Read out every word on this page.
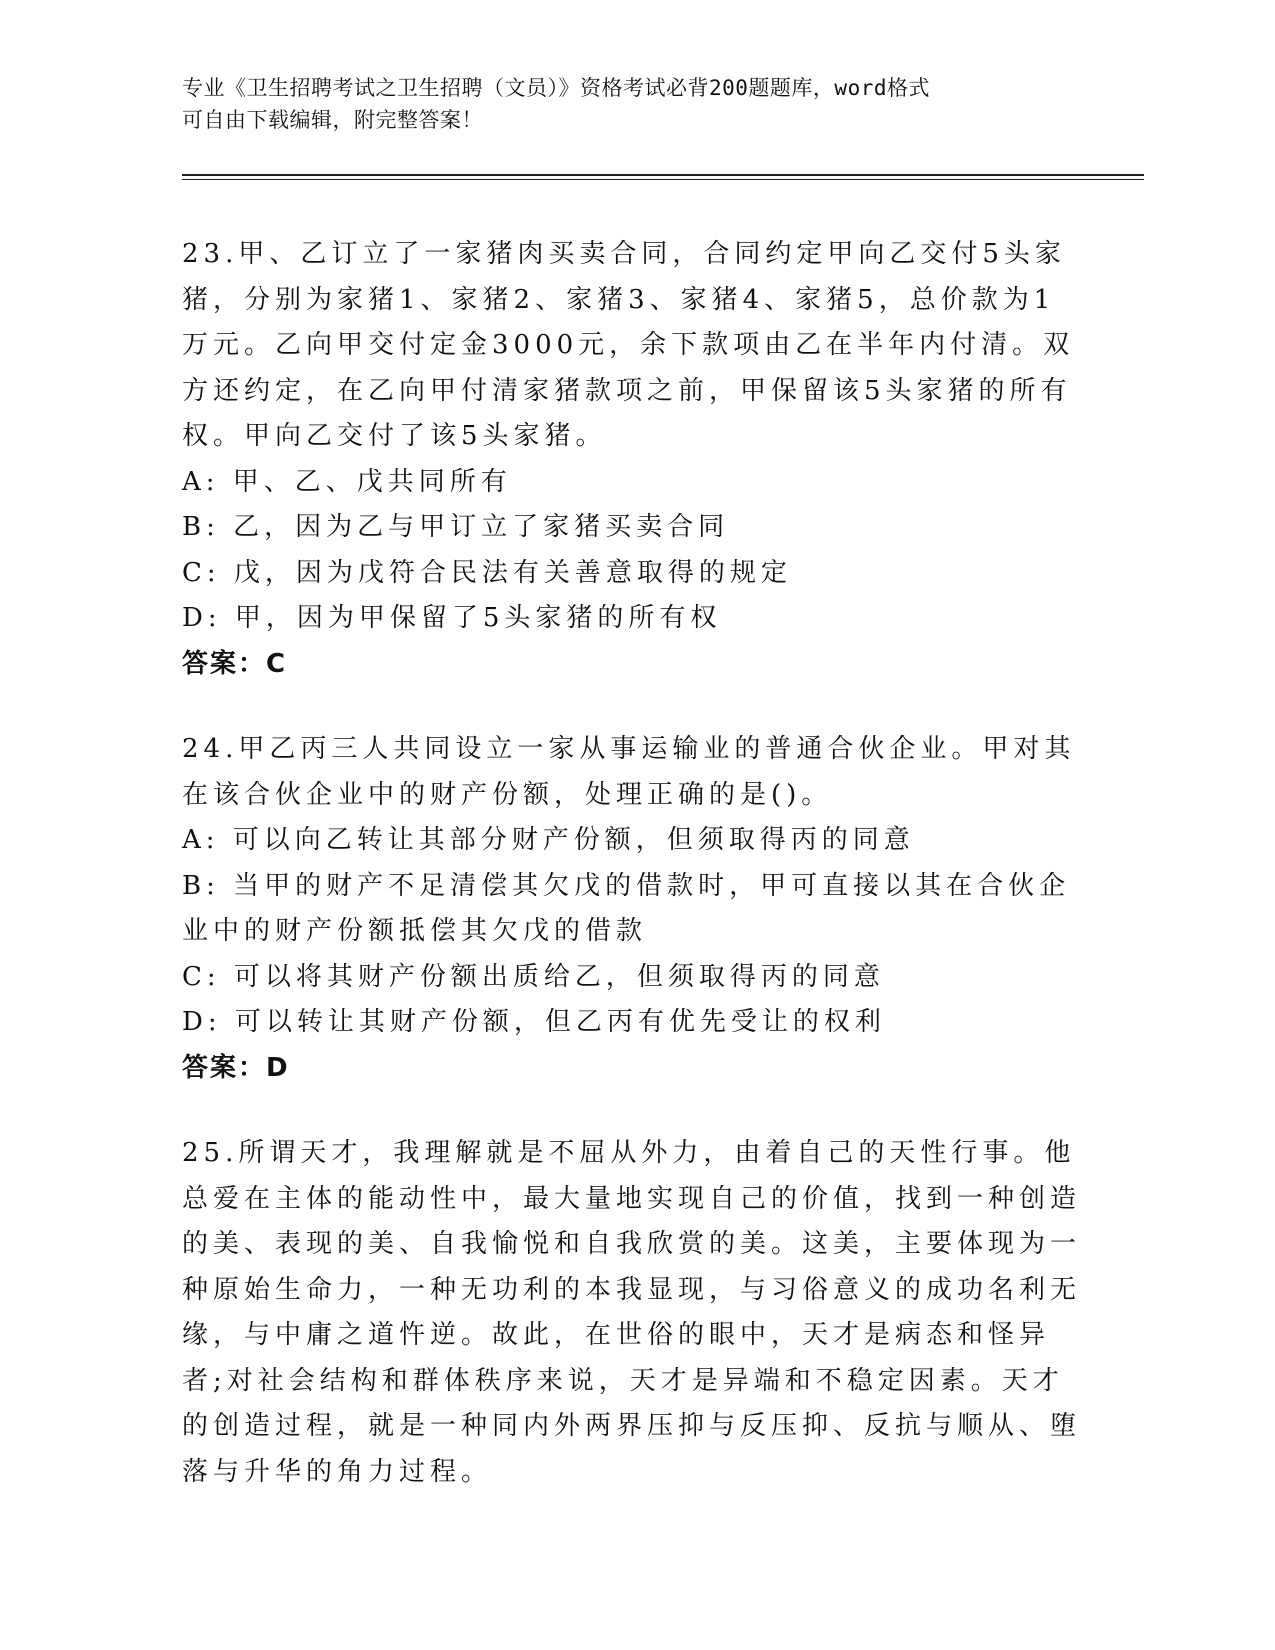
专业《卫生招聘考试之卫生招聘（文员）》资格考试必背200题题库，word格式
可自由下载编辑，附完整答案！
23.甲、乙订立了一家猪肉买卖合同，合同约定甲向乙交付5头家猪，分别为家猪1、家猪2、家猪3、家猪4、家猪5，总价款为1万元。乙向甲交付定金3000元，余下款项由乙在半年内付清。双方还约定，在乙向甲付清家猪款项之前，甲保留该5头家猪的所有权。甲向乙交付了该5头家猪。
A: 甲、乙、戊共同所有
B: 乙，因为乙与甲订立了家猪买卖合同
C: 戊，因为戊符合民法有关善意取得的规定
D: 甲，因为甲保留了5头家猪的所有权
答案：C
24.甲乙丙三人共同设立一家从事运输业的普通合伙企业。甲对其在该合伙企业中的财产份额，处理正确的是()。
A: 可以向乙转让其部分财产份额，但须取得丙的同意
B: 当甲的财产不足清偿其欠戊的借款时，甲可直接以其在合伙企业中的财产份额抵偿其欠戊的借款
C: 可以将其财产份额出质给乙，但须取得丙的同意
D: 可以转让其财产份额，但乙丙有优先受让的权利
答案：D
25.所谓天才，我理解就是不屈从外力，由着自己的天性行事。他总爱在主体的能动性中，最大量地实现自己的价值，找到一种创造的美、表现的美、自我愉悦和自我欣赏的美。这美，主要体现为一种原始生命力，一种无功利的本我显现，与习俗意义的成功名利无缘，与中庸之道忤逆。故此，在世俗的眼中，天才是病态和怪异者;对社会结构和群体秩序来说，天才是异端和不稳定因素。天才的创造过程，就是一种同内外两界压抑与反压抑、反抗与顺从、堕落与升华的角力过程。
